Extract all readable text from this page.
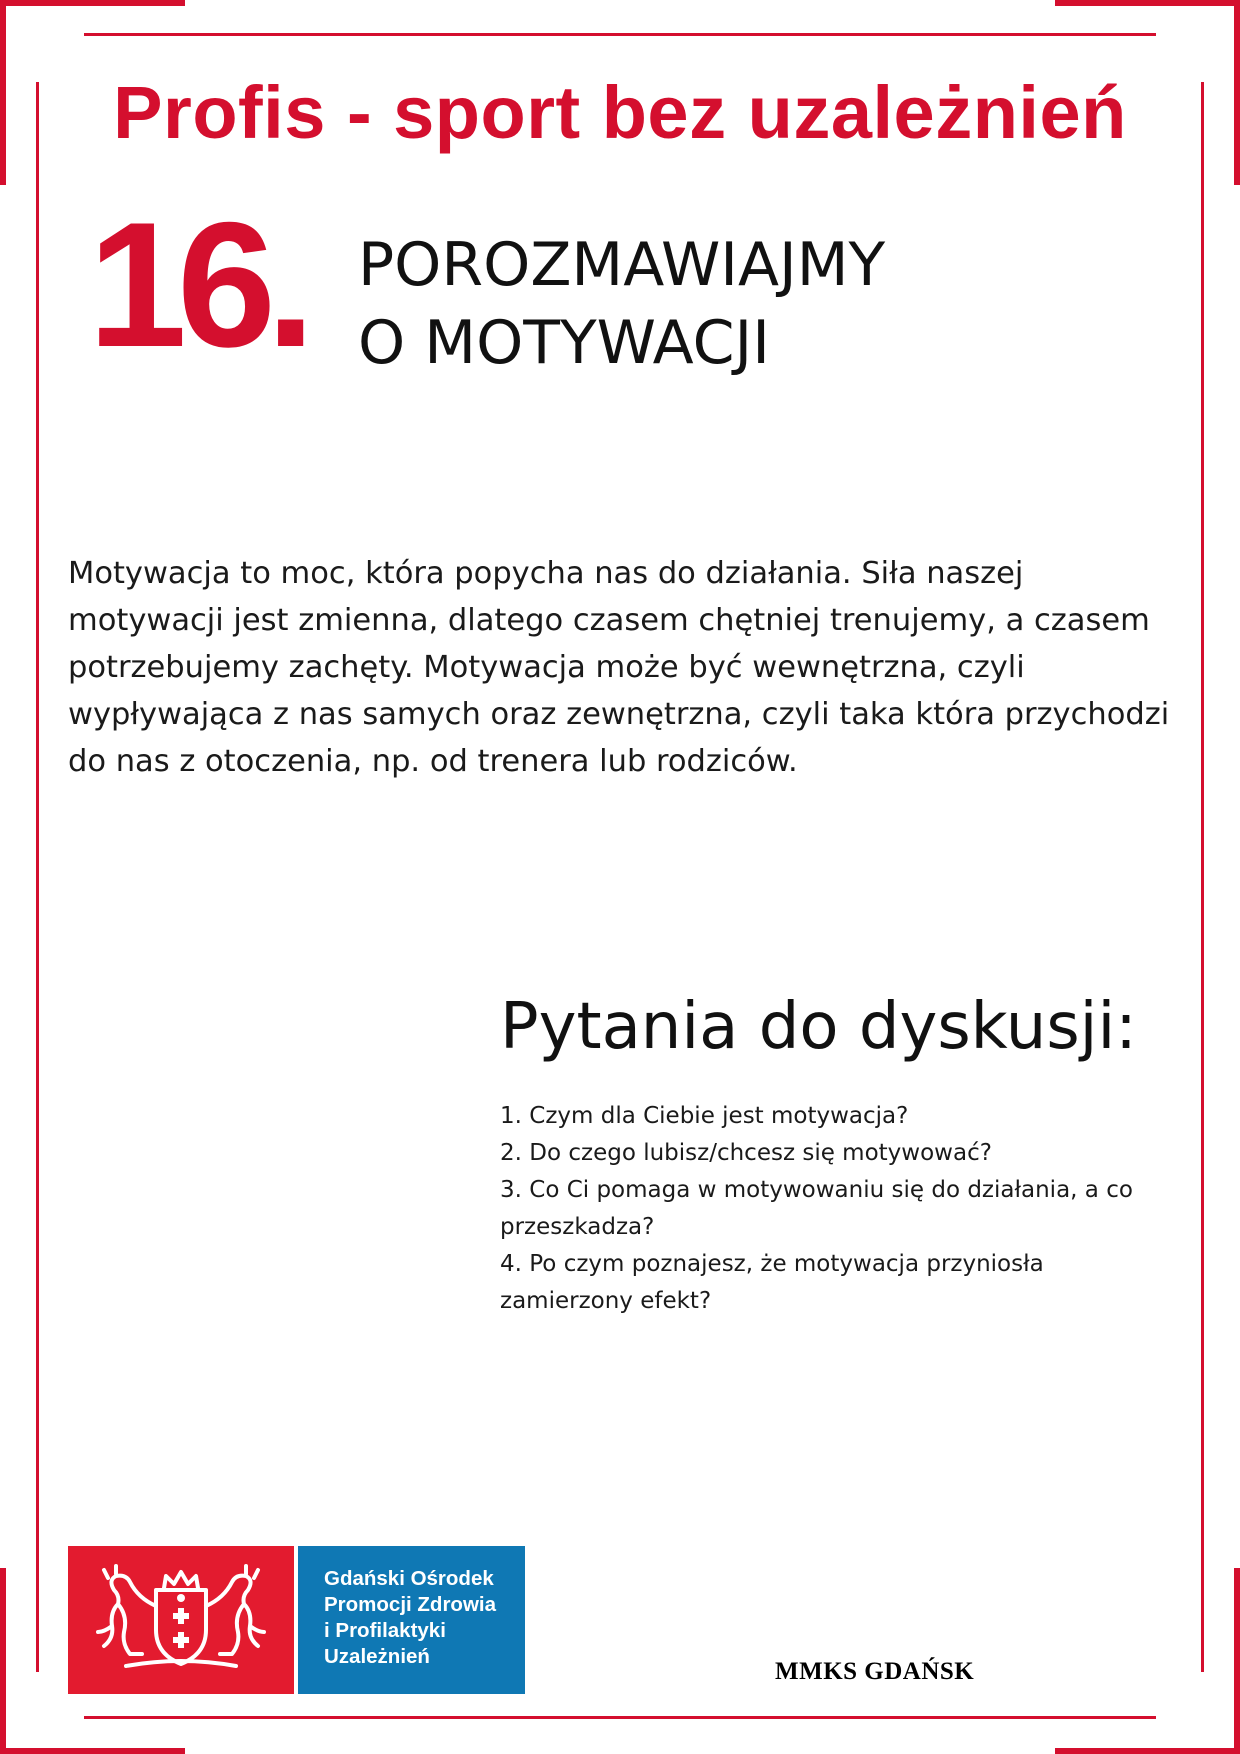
Profis - sport bez uzależnień
16. POROZMAWIAJMY
O MOTYWACJI
Motywacja to moc, która popycha nas do działania. Siła naszej
motywacji jest zmienna, dlatego czasem chętniej trenujemy, a czasem
potrzebujemy zachęty. Motywacja może być wewnętrzna, czyli
wypływająca z nas samych oraz zewnętrzna, czyli taka która przychodzi
do nas z otoczenia, np. od trenera lub rodziców.
Pytania do dyskusji:
1. Czym dla Ciebie jest motywacja?
2. Do czego lubisz/chcesz się motywować?
3. Co Ci pomaga w motywowaniu się do działania, a co
przeszkadza?
4. Po czym poznajesz, że motywacja przyniosła
zamierzony efekt?
Gdański Ośrodek
Promocji Zdrowia
i Profilaktyki
Uzależnień
MMKS GDAŃSK
